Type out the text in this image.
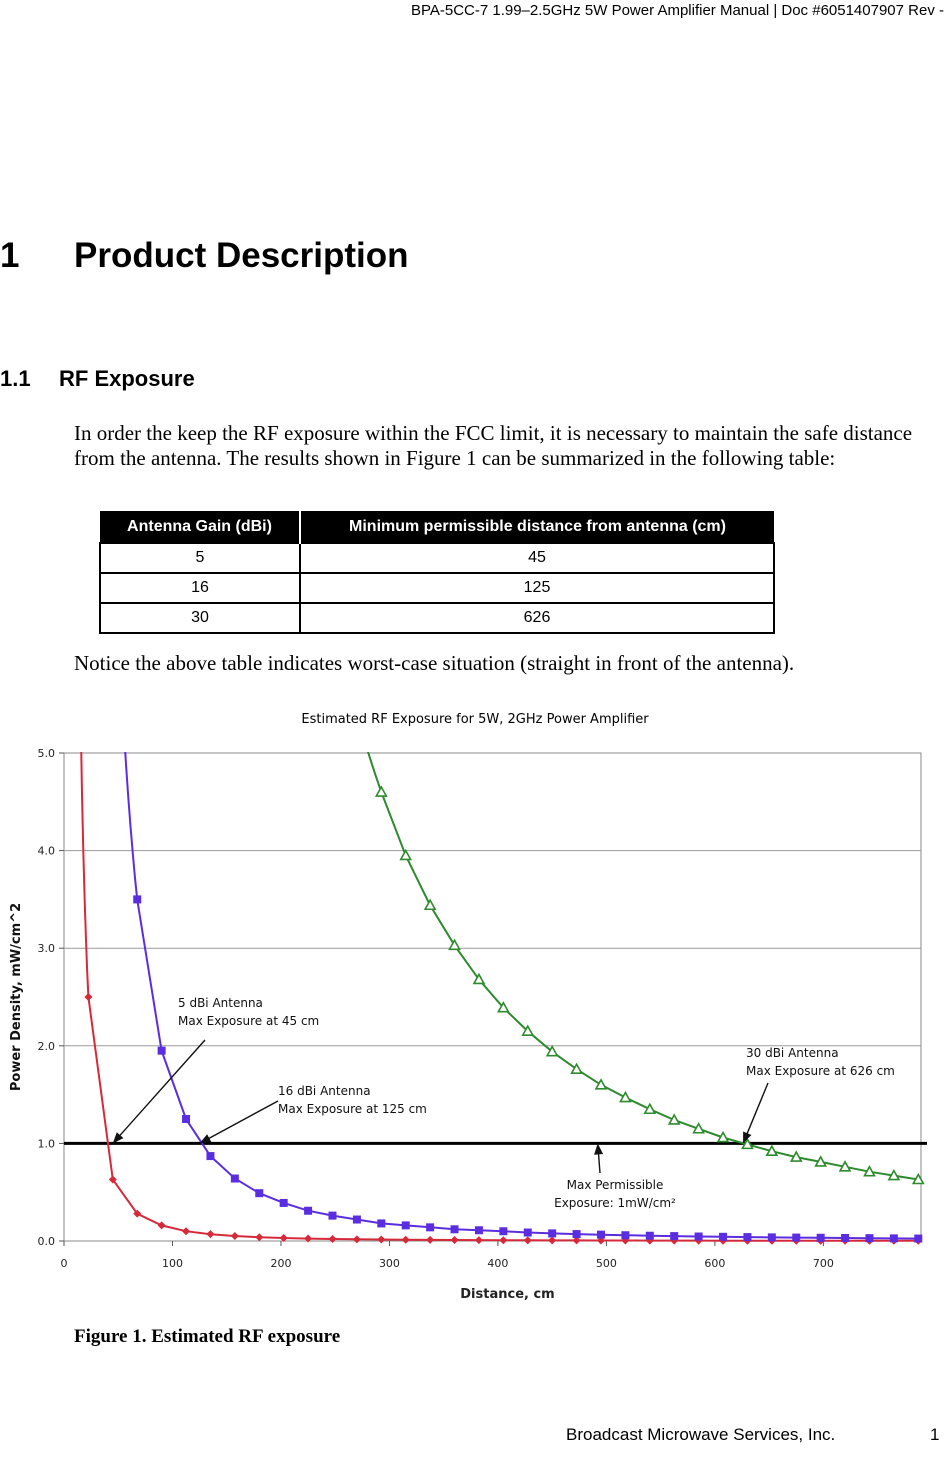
BPA-5CC-7 1.99–2.5GHz 5W Power Amplifier Manual | Doc #6051407907 Rev -
1 Product Description
1.1 RF Exposure

In order the keep the RF exposure within the FCC limit, it is necessary to maintain the safe distance from the antenna. The results shown in Figure 1 can be summarized in the following table:

Antenna Gain (dBi)	Minimum permissible distance from antenna (cm)
5	45
16	125
30	626

Notice the above table indicates worst-case situation (straight in front of the antenna).

Estimated RF Exposure for 5W, 2GHz Power Amplifier
0.0
1.0
2.0
3.0
4.0
5.0
0	100	200	300	400	500	600	700
Distance, cm
Power Density, mW/cm^2	5 dBi Antenna
Max Exposure at 45 cm
16 dBi Antenna
Max Exposure at 125 cm
30 dBi Antenna
Max Exposure at 626 cm
Max Permissible
Exposure: 1mW/cm²
Figure 1. Estimated RF exposure
Broadcast Microwave Services, Inc.	1
